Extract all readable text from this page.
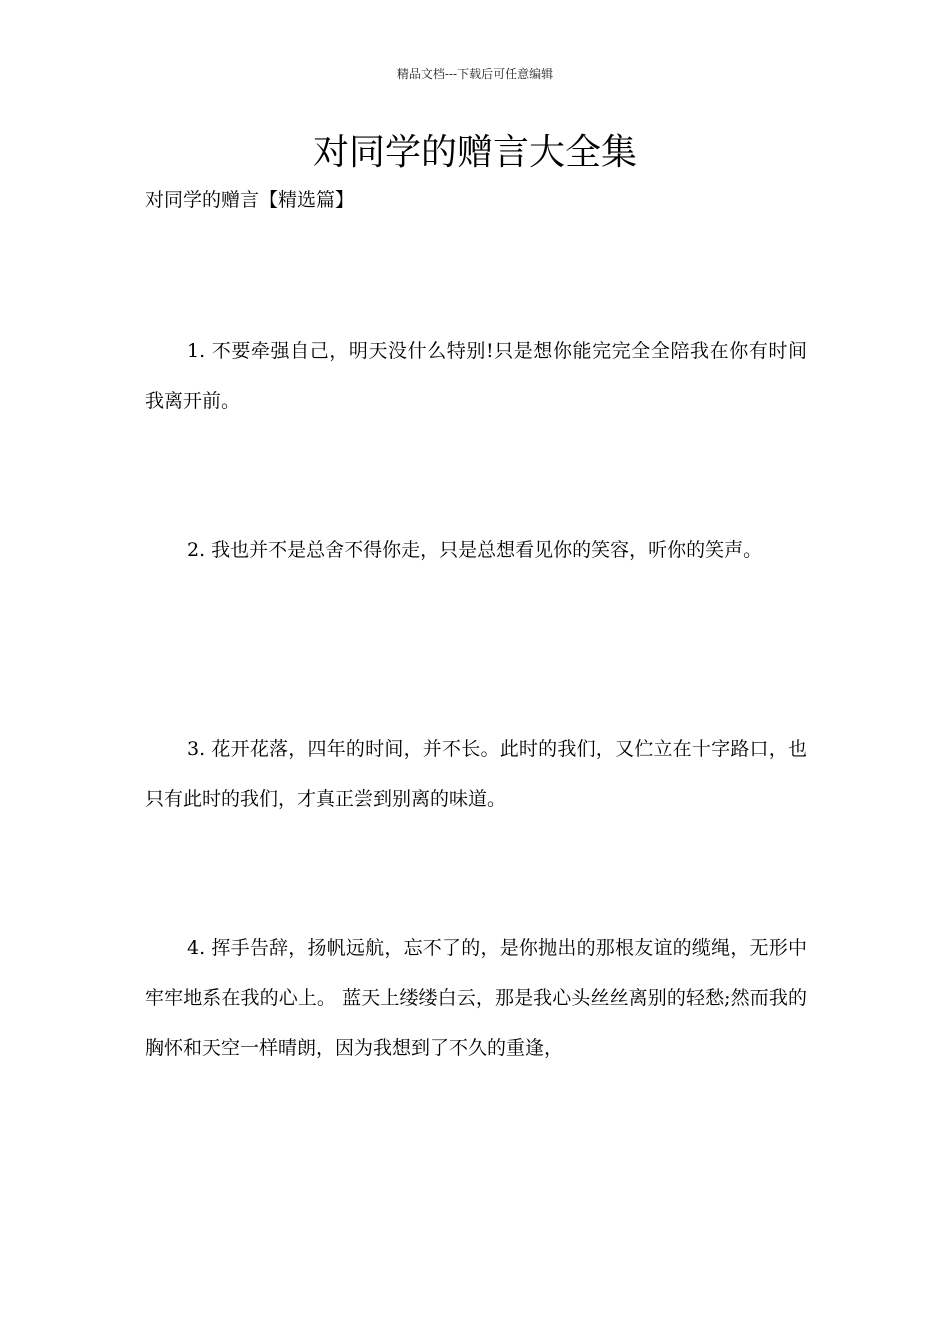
精品文档---下载后可任意编辑
对同学的赠言大全集
对同学的赠言【精选篇】

1. 不要牵强自己，明天没什么特别!只是想你能完完全全陪我在你有时间我离开前。

2. 我也并不是总舍不得你走，只是总想看见你的笑容，听你的笑声。

3. 花开花落，四年的时间，并不长。此时的我们，又伫立在十字路口，也只有此时的我们，才真正尝到别离的味道。

4. 挥手告辞，扬帆远航，忘不了的，是你抛出的那根友谊的缆绳，无形中牢牢地系在我的心上。 蓝天上缕缕白云，那是我心头丝丝离别的轻愁;然而我的胸怀和天空一样晴朗，因为我想到了不久的重逢，
